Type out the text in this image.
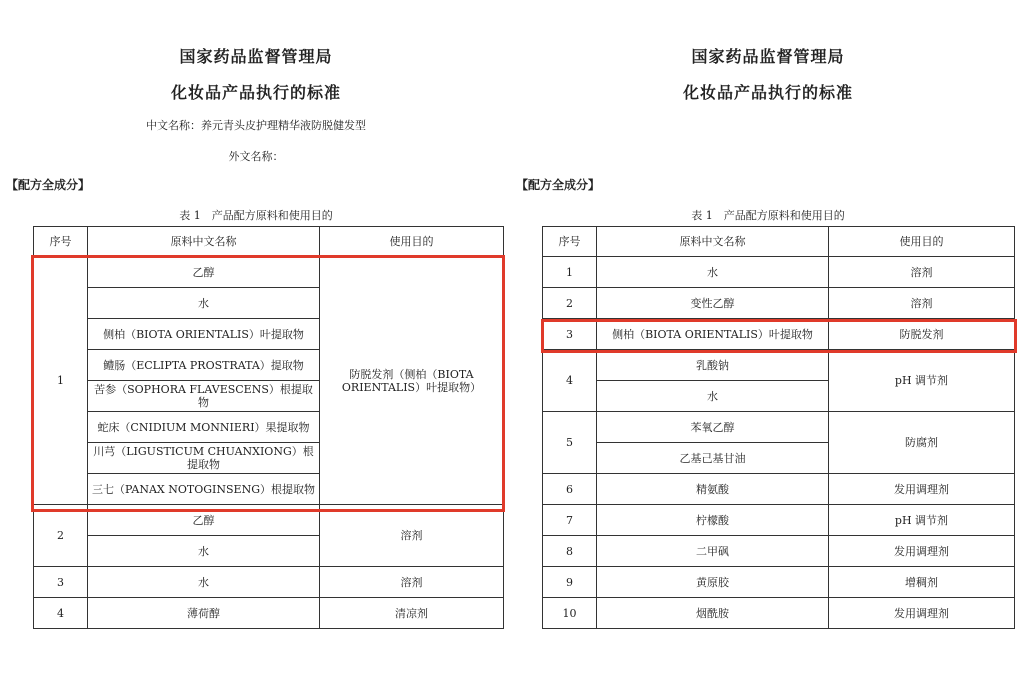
国家药品监督管理局
化妆品产品执行的标准
中文名称：养元青头皮护理精华液防脱健发型
外文名称：
【配方全成分】
表 1　产品配方原料和使用目的
序号	原料中文名称	使用目的
1	乙醇	防脱发剂（侧柏（BIOTA ORIENTALIS）叶提取物）
	水	
	侧柏（BIOTA ORIENTALIS）叶提取物	
	鳢肠（ECLIPTA PROSTRATA）提取物	
	苦参（SOPHORA FLAVESCENS）根提取物	
	蛇床（CNIDIUM MONNIERI）果提取物	
	川芎（LIGUSTICUM CHUANXIONG）根提取物	
	三七（PANAX NOTOGINSENG）根提取物	
2	乙醇	溶剂
	水	
3	水	溶剂
4	薄荷醇	清凉剂
国家药品监督管理局
化妆品产品执行的标准
【配方全成分】
表 1　产品配方原料和使用目的
序号	原料中文名称	使用目的
1	水	溶剂
2	变性乙醇	溶剂
3	侧柏（BIOTA ORIENTALIS）叶提取物	防脱发剂
4	乳酸钠	pH 调节剂
	水	
5	苯氧乙醇	防腐剂
	乙基己基甘油	
6	精氨酸	发用调理剂
7	柠檬酸	pH 调节剂
8	二甲砜	发用调理剂
9	黄原胶	增稠剂
10	烟酰胺	发用调理剂
